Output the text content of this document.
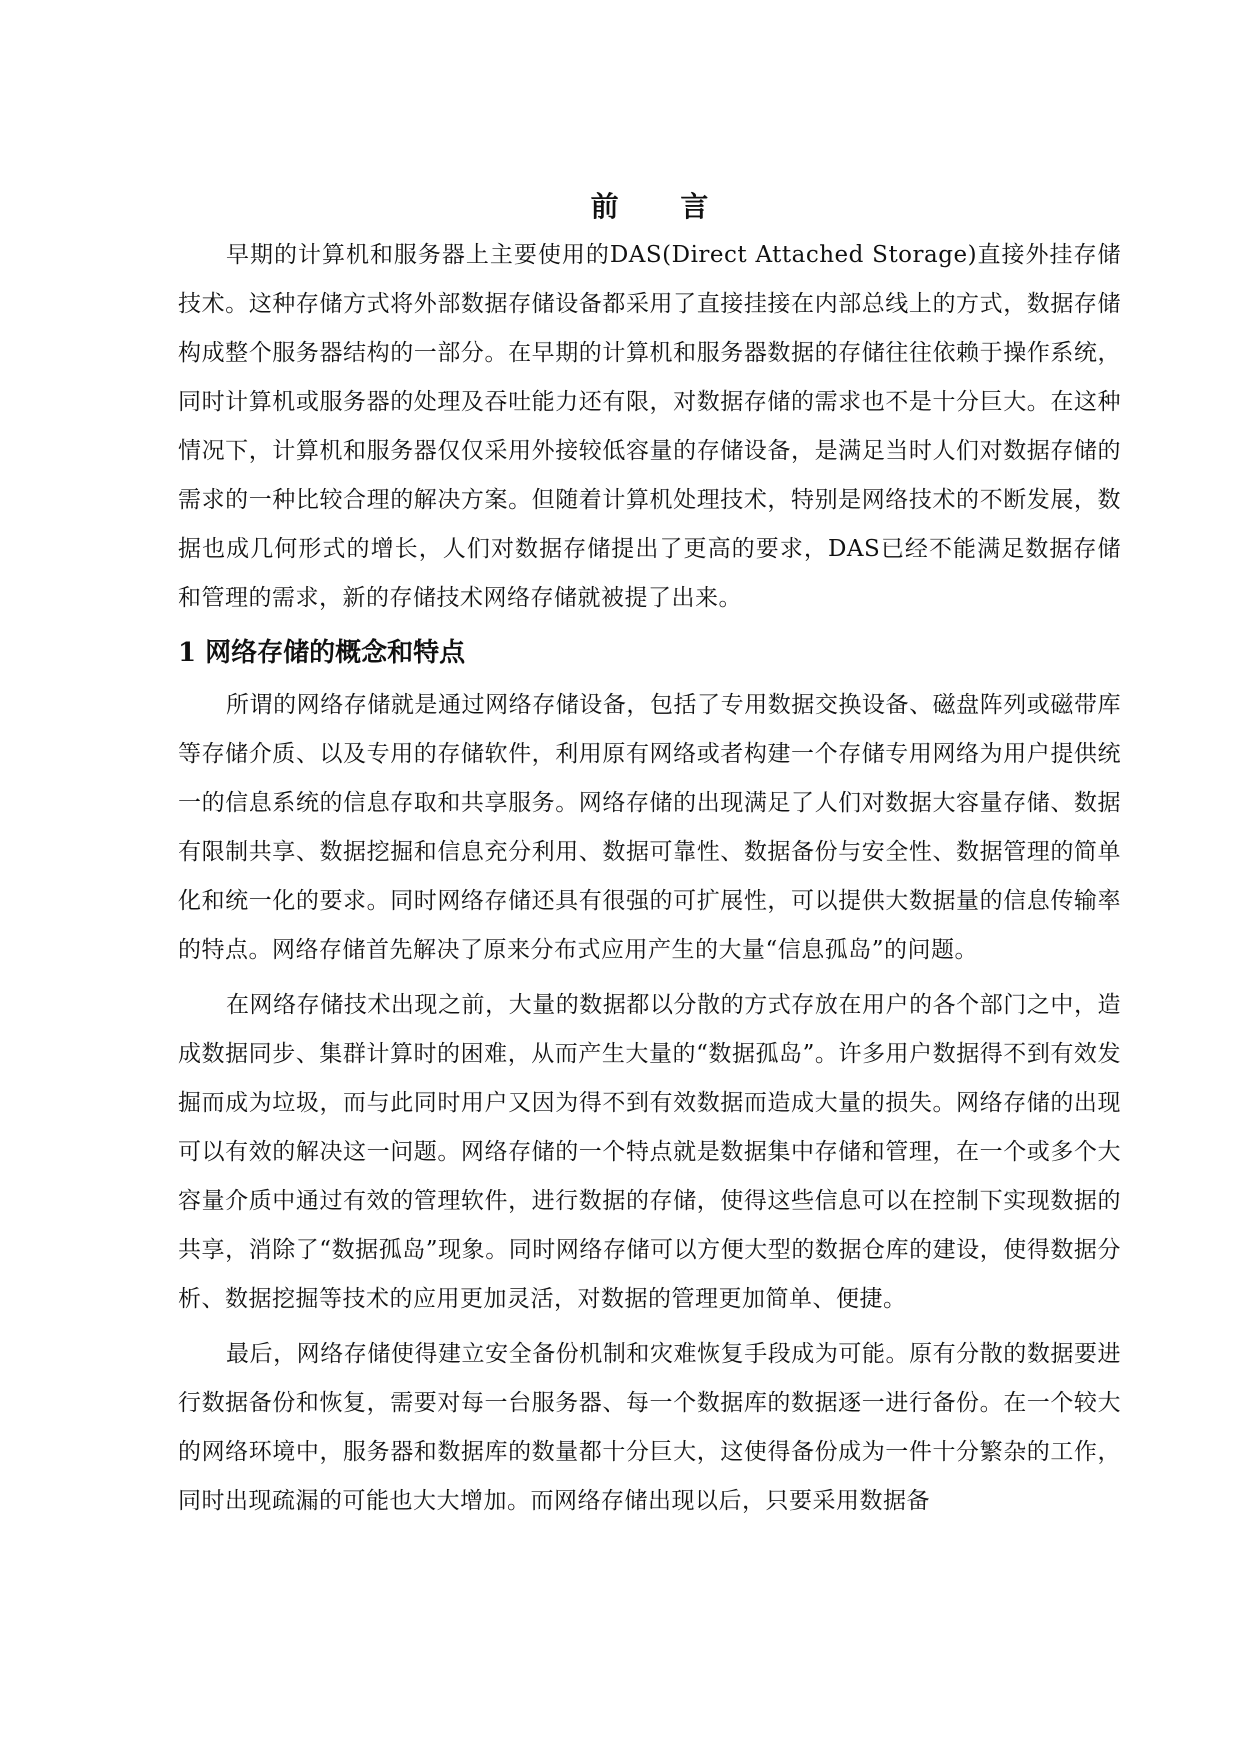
前 言

早期的计算机和服务器上主要使用的DAS(Direct Attached Storage)直接外挂存储技术。这种存储方式将外部数据存储设备都采用了直接挂接在内部总线上的方式，数据存储构成整个服务器结构的一部分。在早期的计算机和服务器数据的存储往往依赖于操作系统，同时计算机或服务器的处理及吞吐能力还有限，对数据存储的需求也不是十分巨大。在这种情况下，计算机和服务器仅仅采用外接较低容量的存储设备，是满足当时人们对数据存储的需求的一种比较合理的解决方案。但随着计算机处理技术，特别是网络技术的不断发展，数据也成几何形式的增长，人们对数据存储提出了更高的要求，DAS已经不能满足数据存储和管理的需求，新的存储技术网络存储就被提了出来。

1 网络存储的概念和特点

所谓的网络存储就是通过网络存储设备，包括了专用数据交换设备、磁盘阵列或磁带库等存储介质、以及专用的存储软件，利用原有网络或者构建一个存储专用网络为用户提供统一的信息系统的信息存取和共享服务。网络存储的出现满足了人们对数据大容量存储、数据有限制共享、数据挖掘和信息充分利用、数据可靠性、数据备份与安全性、数据管理的简单化和统一化的要求。同时网络存储还具有很强的可扩展性，可以提供大数据量的信息传输率的特点。网络存储首先解决了原来分布式应用产生的大量“信息孤岛”的问题。

在网络存储技术出现之前，大量的数据都以分散的方式存放在用户的各个部门之中，造成数据同步、集群计算时的困难，从而产生大量的“数据孤岛”。许多用户数据得不到有效发掘而成为垃圾，而与此同时用户又因为得不到有效数据而造成大量的损失。网络存储的出现可以有效的解决这一问题。网络存储的一个特点就是数据集中存储和管理，在一个或多个大容量介质中通过有效的管理软件，进行数据的存储，使得这些信息可以在控制下实现数据的共享，消除了“数据孤岛”现象。同时网络存储可以方便大型的数据仓库的建设，使得数据分析、数据挖掘等技术的应用更加灵活，对数据的管理更加简单、便捷。

最后，网络存储使得建立安全备份机制和灾难恢复手段成为可能。原有分散的数据要进行数据备份和恢复，需要对每一台服务器、每一个数据库的数据逐一进行备份。在一个较大的网络环境中，服务器和数据库的数量都十分巨大，这使得备份成为一件十分繁杂的工作，同时出现疏漏的可能也大大增加。而网络存储出现以后，只要采用数据备
